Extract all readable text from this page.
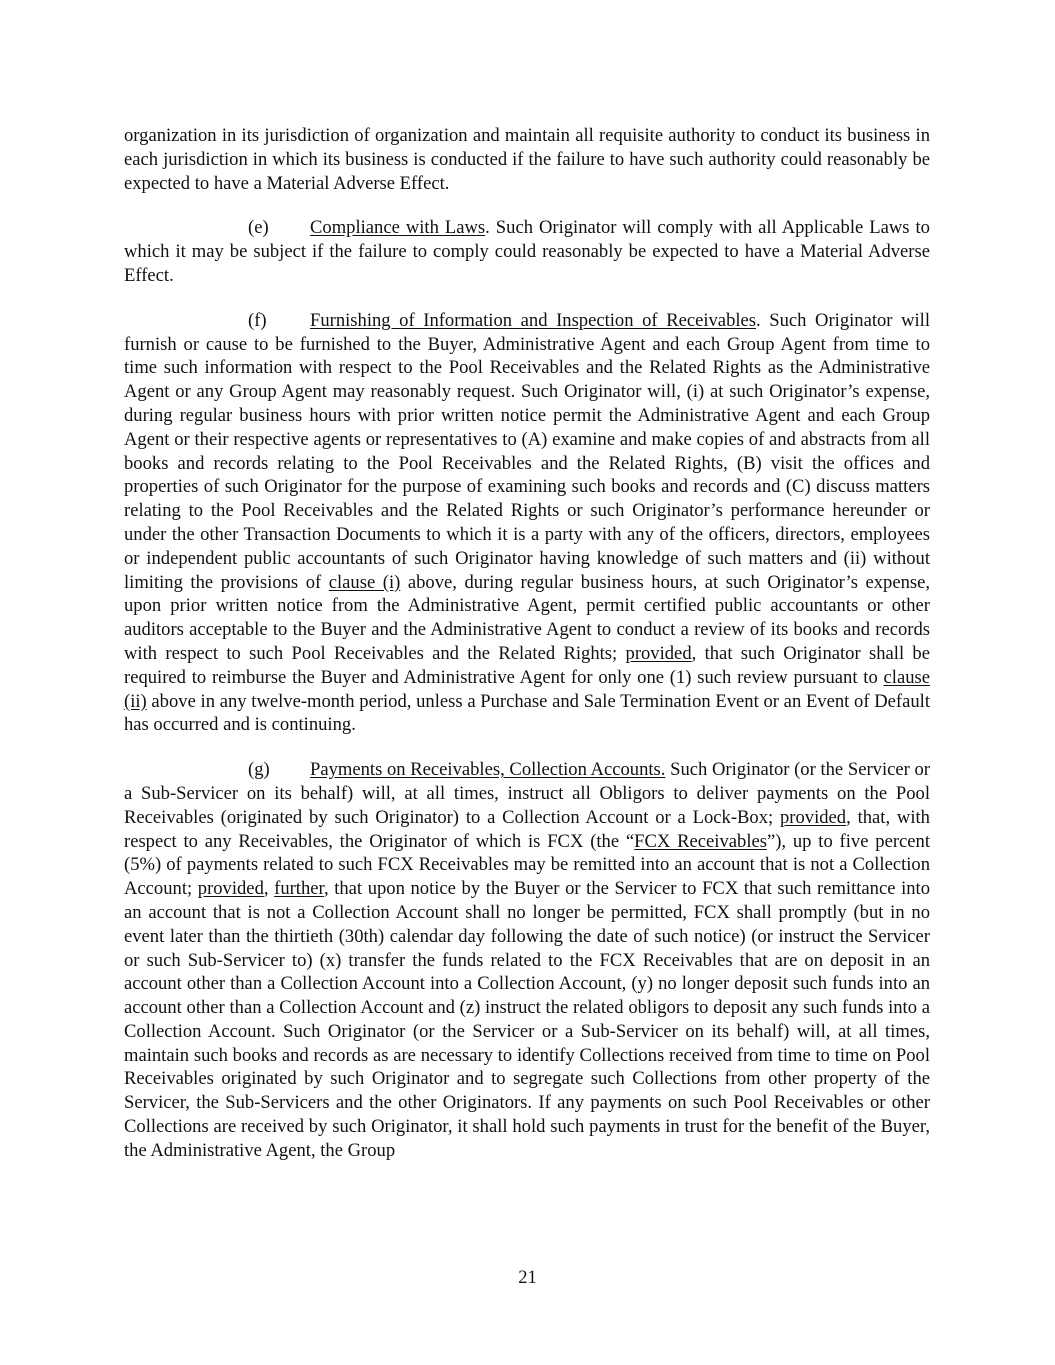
organization in its jurisdiction of organization and maintain all requisite authority to conduct its business in each jurisdiction in which its business is conducted if the failure to have such authority could reasonably be expected to have a Material Adverse Effect.

(e) Compliance with Laws. Such Originator will comply with all Applicable Laws to which it may be subject if the failure to comply could reasonably be expected to have a Material Adverse Effect.

(f) Furnishing of Information and Inspection of Receivables. Such Originator will furnish or cause to be furnished to the Buyer, Administrative Agent and each Group Agent from time to time such information with respect to the Pool Receivables and the Related Rights as the Administrative Agent or any Group Agent may reasonably request. Such Originator will, (i) at such Originator’s expense, during regular business hours with prior written notice permit the Administrative Agent and each Group Agent or their respective agents or representatives to (A) examine and make copies of and abstracts from all books and records relating to the Pool Receivables and the Related Rights, (B) visit the offices and properties of such Originator for the purpose of examining such books and records and (C) discuss matters relating to the Pool Receivables and the Related Rights or such Originator’s performance hereunder or under the other Transaction Documents to which it is a party with any of the officers, directors, employees or independent public accountants of such Originator having knowledge of such matters and (ii) without limiting the provisions of clause (i) above, during regular business hours, at such Originator’s expense, upon prior written notice from the Administrative Agent, permit certified public accountants or other auditors acceptable to the Buyer and the Administrative Agent to conduct a review of its books and records with respect to such Pool Receivables and the Related Rights; provided, that such Originator shall be required to reimburse the Buyer and Administrative Agent for only one (1) such review pursuant to clause (ii) above in any twelve-month period, unless a Purchase and Sale Termination Event or an Event of Default has occurred and is continuing.

(g) Payments on Receivables, Collection Accounts. Such Originator (or the Servicer or a Sub-Servicer on its behalf) will, at all times, instruct all Obligors to deliver payments on the Pool Receivables (originated by such Originator) to a Collection Account or a Lock-Box; provided, that, with respect to any Receivables, the Originator of which is FCX (the “FCX Receivables”), up to five percent (5%) of payments related to such FCX Receivables may be remitted into an account that is not a Collection Account; provided, further, that upon notice by the Buyer or the Servicer to FCX that such remittance into an account that is not a Collection Account shall no longer be permitted, FCX shall promptly (but in no event later than the thirtieth (30th) calendar day following the date of such notice) (or instruct the Servicer or such Sub-Servicer to) (x) transfer the funds related to the FCX Receivables that are on deposit in an account other than a Collection Account into a Collection Account, (y) no longer deposit such funds into an account other than a Collection Account and (z) instruct the related obligors to deposit any such funds into a Collection Account. Such Originator (or the Servicer or a Sub-Servicer on its behalf) will, at all times, maintain such books and records as are necessary to identify Collections received from time to time on Pool Receivables originated by such Originator and to segregate such Collections from other property of the Servicer, the Sub-Servicers and the other Originators. If any payments on such Pool Receivables or other Collections are received by such Originator, it shall hold such payments in trust for the benefit of the Buyer, the Administrative Agent, the Group

21
